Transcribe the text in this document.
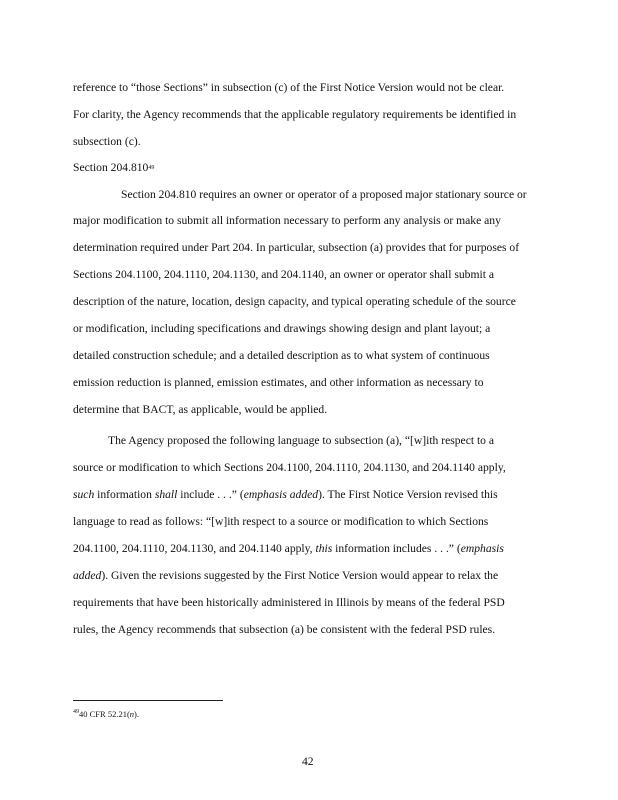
reference to “those Sections” in subsection (c) of the First Notice Version would not be clear.
For clarity, the Agency recommends that the applicable regulatory requirements be identified in
subsection (c).
Section 204.810$^{49}$
Section 204.810 requires an owner or operator of a proposed major stationary source or
major modification to submit all information necessary to perform any analysis or make any
determination required under Part 204. In particular, subsection (a) provides that for purposes of
Sections 204.1100, 204.1110, 204.1130, and 204.1140, an owner or operator shall submit a
description of the nature, location, design capacity, and typical operating schedule of the source
or modification, including specifications and drawings showing design and plant layout; a
detailed construction schedule; and a detailed description as to what system of continuous
emission reduction is planned, emission estimates, and other information as necessary to
determine that BACT, as applicable, would be applied.
The Agency proposed the following language to subsection (a), “[w]ith respect to a
source or modification to which Sections 204.1100, 204.1110, 204.1130, and 204.1140 apply,
such information shall include . . .” (emphasis added). The First Notice Version revised this
language to read as follows: “[w]ith respect to a source or modification to which Sections
204.1100, 204.1110, 204.1130, and 204.1140 apply, this information includes . . .” (emphasis
added). Given the revisions suggested by the First Notice Version would appear to relax the
requirements that have been historically administered in Illinois by means of the federal PSD
rules, the Agency recommends that subsection (a) be consistent with the federal PSD rules.
$^{49}$40 CFR 52.21(n).
42
